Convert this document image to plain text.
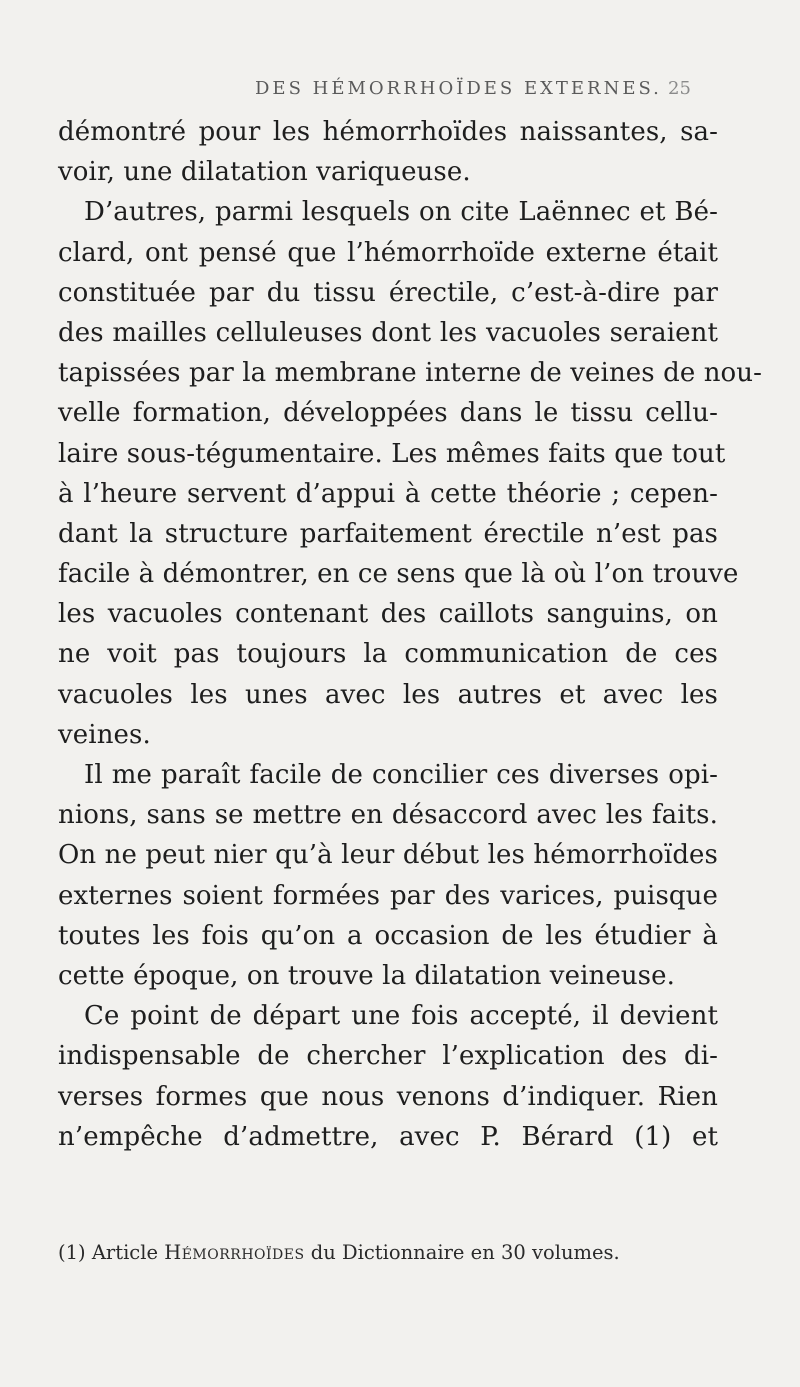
DES HÉMORRHOÏDES EXTERNES. 25
démontré pour les hémorrhoïdes naissantes, sa-
voir, une dilatation variqueuse.
D’autres, parmi lesquels on cite Laënnec et Bé-
clard, ont pensé que l’hémorrhoïde externe était
constituée par du tissu érectile, c’est-à-dire par
des mailles celluleuses dont les vacuoles seraient
tapissées par la membrane interne de veines de nou-
velle formation, développées dans le tissu cellu-
laire sous-tégumentaire. Les mêmes faits que tout
à l’heure servent d’appui à cette théorie ; cepen-
dant la structure parfaitement érectile n’est pas
facile à démontrer, en ce sens que là où l’on trouve
les vacuoles contenant des caillots sanguins, on
ne voit pas toujours la communication de ces
vacuoles les unes avec les autres et avec les
veines.
Il me paraît facile de concilier ces diverses opi-
nions, sans se mettre en désaccord avec les faits.
On ne peut nier qu’à leur début les hémorrhoïdes
externes soient formées par des varices, puisque
toutes les fois qu’on a occasion de les étudier à
cette époque, on trouve la dilatation veineuse.
Ce point de départ une fois accepté, il devient
indispensable de chercher l’explication des di-
verses formes que nous venons d’indiquer. Rien
n’empêche d’admettre, avec P. Bérard (1) et
(1) Article Hémorrhoïdes du Dictionnaire en 30 volumes.
